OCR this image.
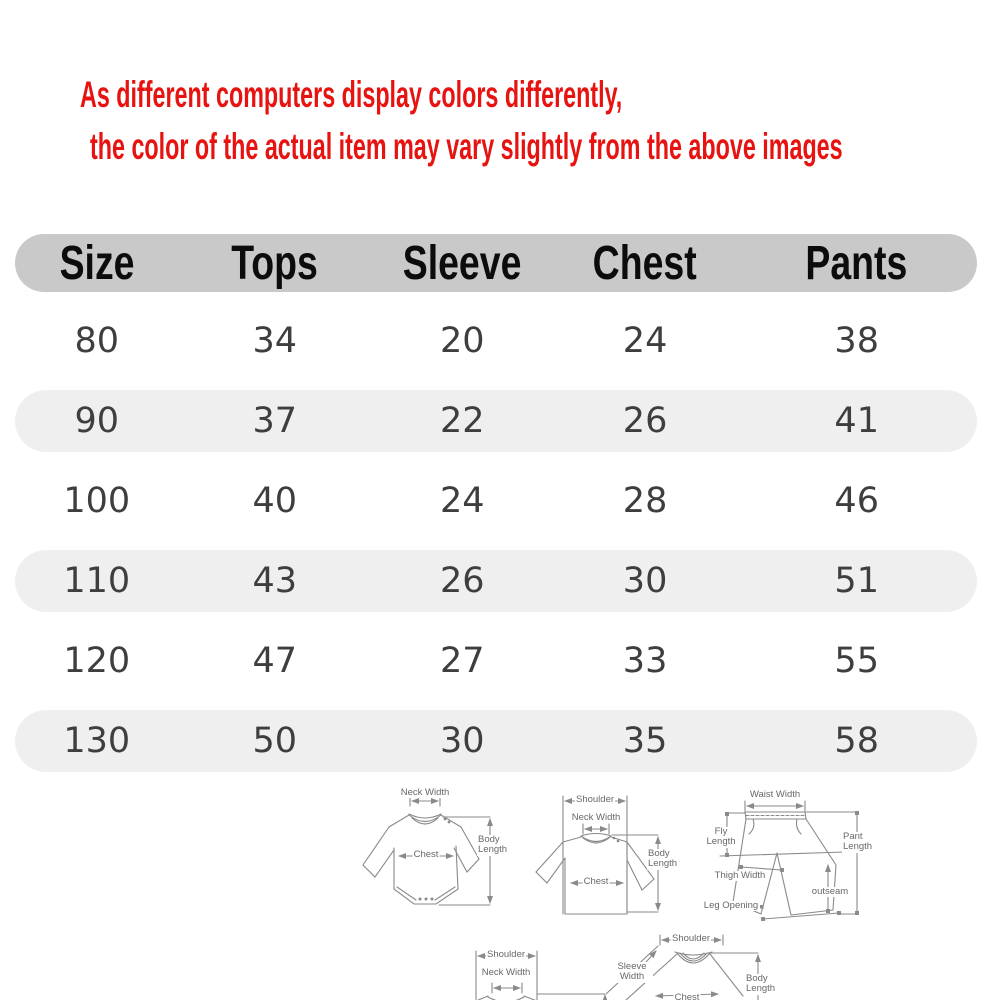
As different computers display colors differently,
the color of the actual item may vary slightly from the above images
Size Tops Sleeve Chest Pants
80	34	20	24	38
90	37	22	26	41
100	40	24	28	46
110	43	26	30	51
120	47	27	33	55
130	50	30	35	58
Neck Width
Chest
Body Length
Shoulder
Neck Width
Chest
Body Length
Waist Width
Fly Length	Pant Length
Thigh Width
outseam
Leg Opening
Shoulder
Neck Width
Shoulder
Sleeve Width	Body Length
Chest
